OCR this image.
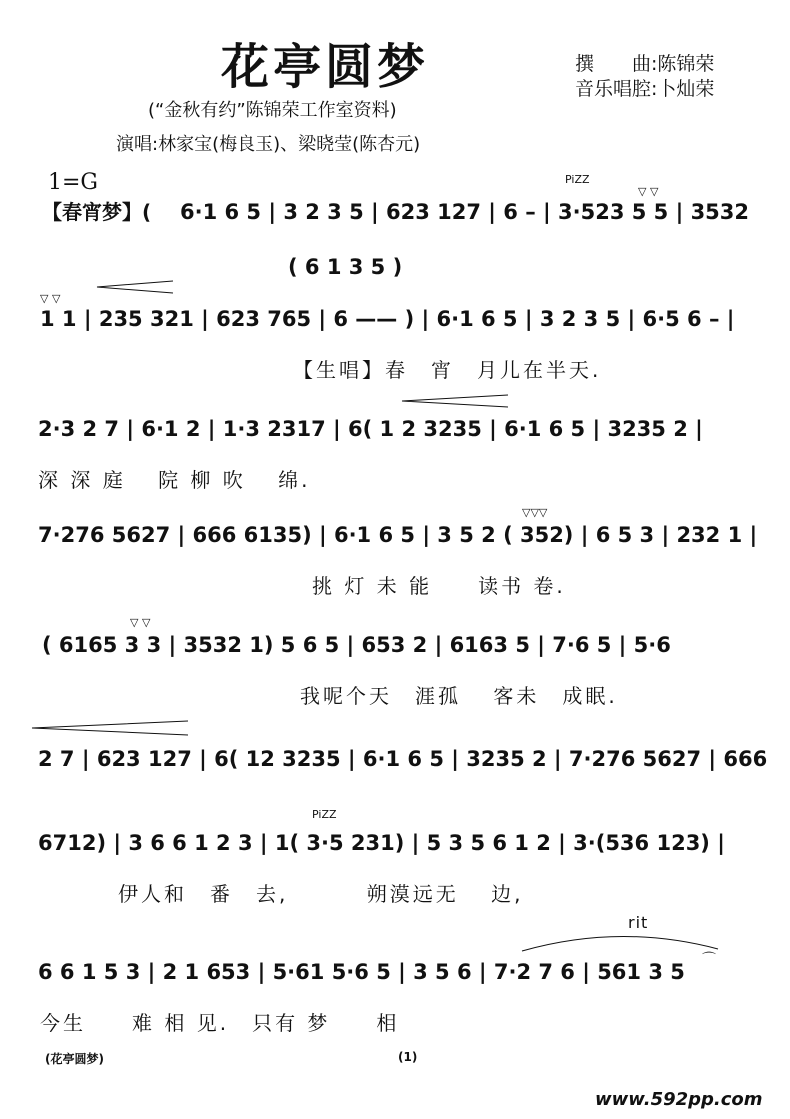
花亭圆梦	撰　　曲:陈锦荣
音乐唱腔:卜灿荣
(“金秋有约”陈锦荣工作室资料)
演唱:林家宝(梅良玉)、梁晓莹(陈杏元)
1=G	PiZZ
▽ ▽
【春宵梦】( 6·1 6 5 | 3 2 3 5 | 623 127 | 6 – | 3·523 5 5 | 3532
( 6 1 3 5 )
▽ ▽
1 1 | 235 321 | 623 765 | 6 —— ) | 6·1 6 5 | 3 2 3 5 | 6·5 6 – |
【生唱】春　宵　月儿在半天.
2·3 2 7 | 6·1 2 | 1·3 2317 | 6( 1 2 3235 | 6·1 6 5 | 3235 2 |
深 深 庭　 院 柳 吹　 绵.
▽▽▽
7·276 5627 | 666 6135) | 6·1 6 5 | 3 5 2 ( 352) | 6 5 3 | 232 1 |
挑 灯 未 能　　读书 卷.
▽ ▽
( 6165 3 3 | 3532 1) 5 6 5 | 653 2 | 6163 5 | 7·6 5 | 5·6
我呢个天　涯孤　 客未　成眠.
2 7 | 623 127 | 6( 12 3235 | 6·1 6 5 | 3235 2 | 7·276 5627 | 666
PiZZ
6712) | 3 6 6 1 2 3 | 1( 3·5 231) | 5 3 5 6 1 2 | 3·(536 123) |
伊人和　番　去,　　　 朔漠远无　 边,
rit
6 6 1 5 3 | 2 1 653 | 5·61 5·6 5 | 3 5 6 | 7·2 7 6 | 561 3 5 ⌒
今生　　难 相 见.　只有 梦　　相
(花亭圆梦)	(1)
www.592pp.com
